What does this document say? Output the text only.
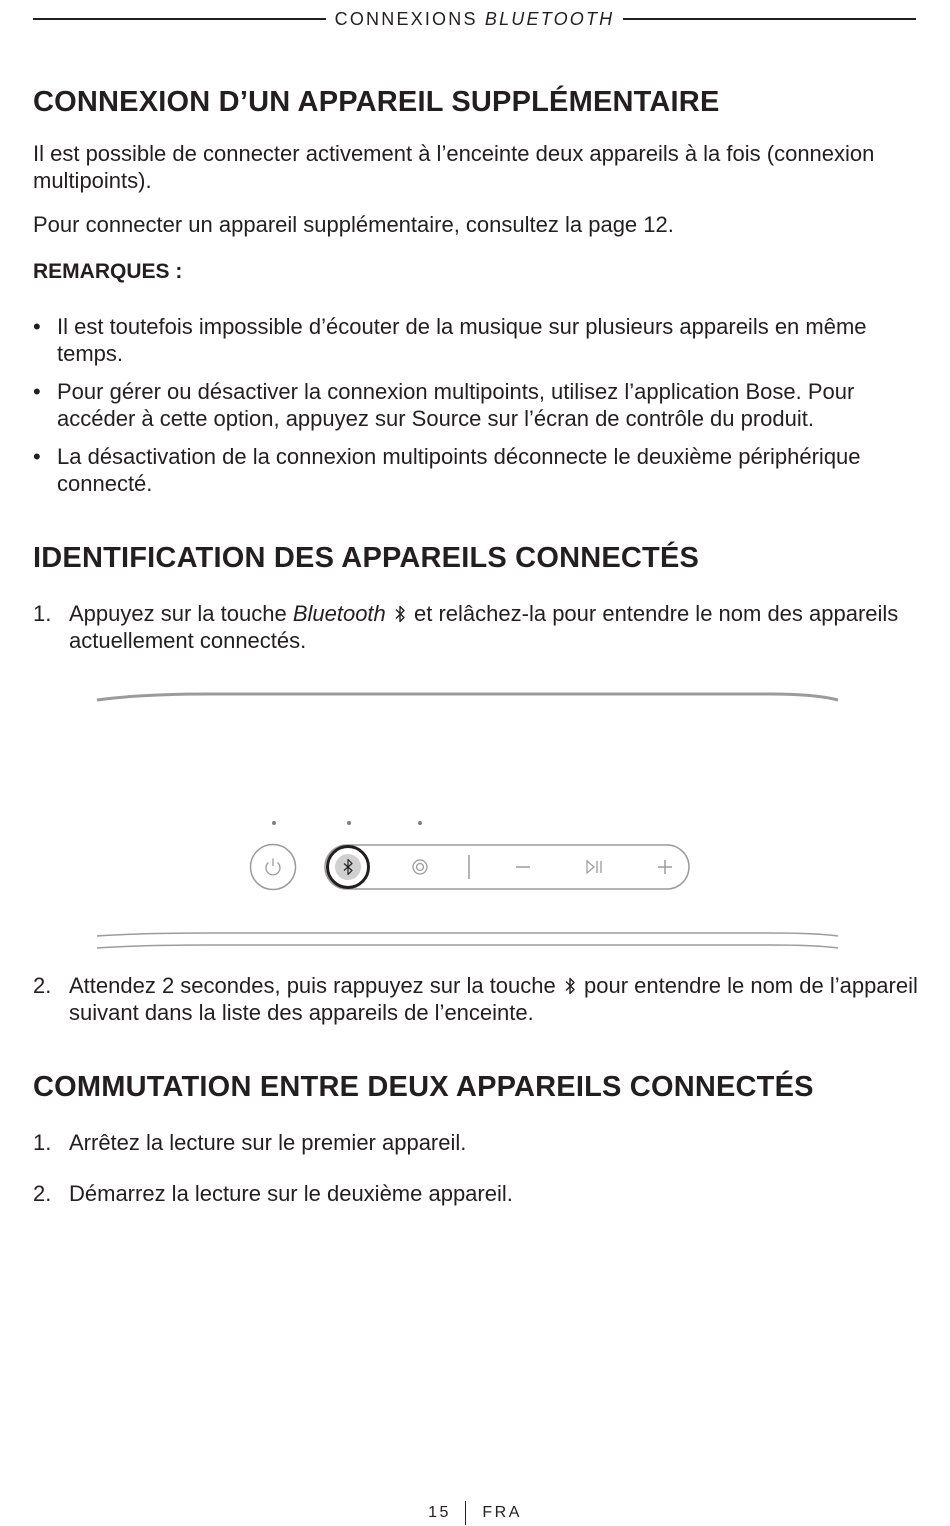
CONNEXIONS BLUETOOTH
CONNEXION D’UN APPAREIL SUPPLÉMENTAIRE

Il est possible de connecter activement à l’enceinte deux appareils à la fois (connexion multipoints).

Pour connecter un appareil supplémentaire, consultez la page 12.

REMARQUES :

• Il est toutefois impossible d’écouter de la musique sur plusieurs appareils en même temps.
• Pour gérer ou désactiver la connexion multipoints, utilisez l’application Bose. Pour accéder à cette option, appuyez sur Source sur l’écran de contrôle du produit.
• La désactivation de la connexion multipoints déconnecte le deuxième périphérique connecté.
IDENTIFICATION DES APPAREILS CONNECTÉS
1. Appuyez sur la touche Bluetooth  et relâchez-la pour entendre le nom des appareils actuellement connectés.
2. Attendez 2 secondes, puis rappuyez sur la touche  pour entendre le nom de l’appareil suivant dans la liste des appareils de l’enceinte.
COMMUTATION ENTRE DEUX APPAREILS CONNECTÉS
1. Arrêtez la lecture sur le premier appareil.
2. Démarrez la lecture sur le deuxième appareil.
15 FRA
